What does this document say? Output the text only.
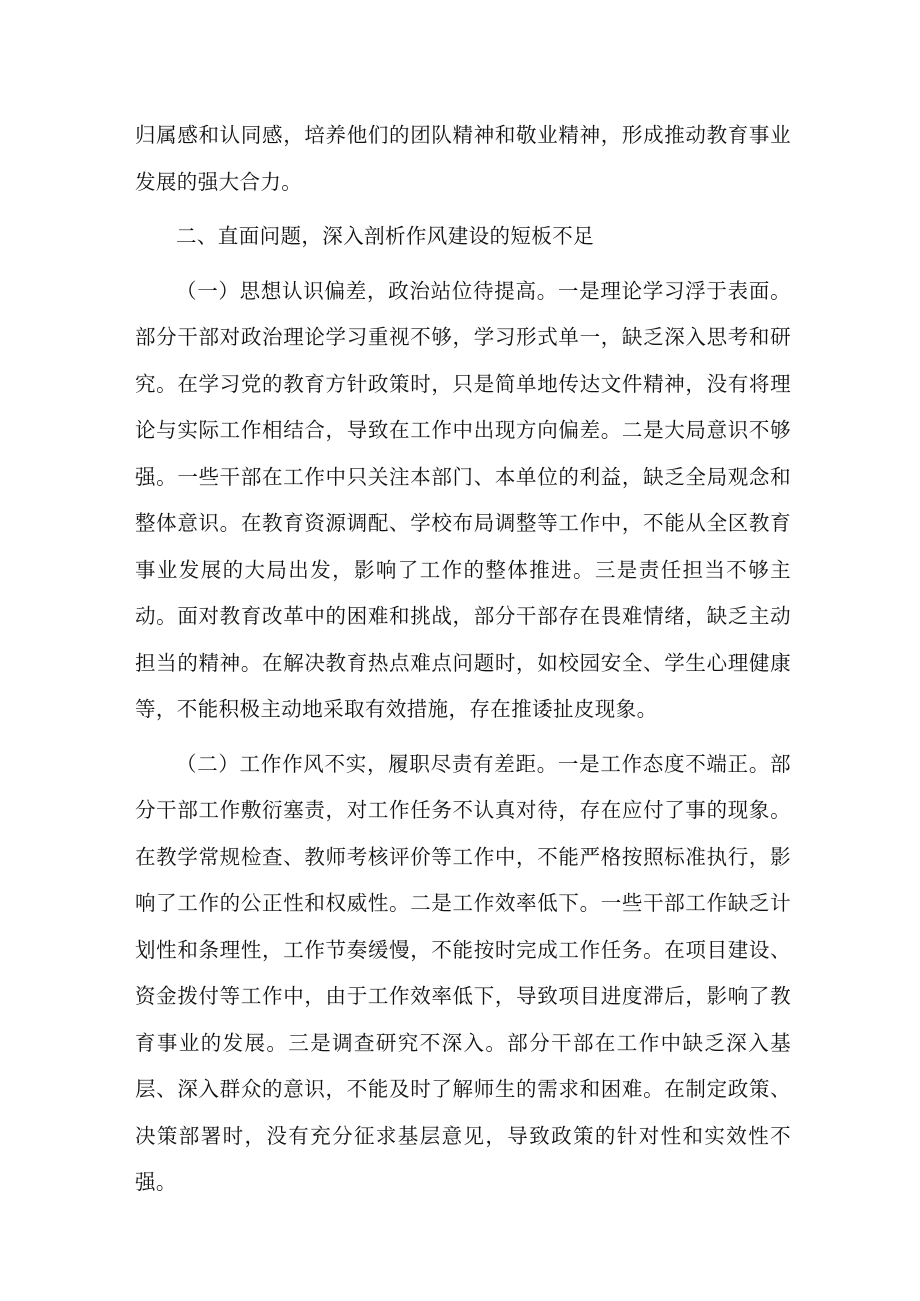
归属感和认同感，培养他们的团队精神和敬业精神，形成推动教育事业发展的强大合力。

二、直面问题，深入剖析作风建设的短板不足

（一）思想认识偏差，政治站位待提高。一是理论学习浮于表面。部分干部对政治理论学习重视不够，学习形式单一，缺乏深入思考和研究。在学习党的教育方针政策时，只是简单地传达文件精神，没有将理论与实际工作相结合，导致在工作中出现方向偏差。二是大局意识不够强。一些干部在工作中只关注本部门、本单位的利益，缺乏全局观念和整体意识。在教育资源调配、学校布局调整等工作中，不能从全区教育事业发展的大局出发，影响了工作的整体推进。三是责任担当不够主动。面对教育改革中的困难和挑战，部分干部存在畏难情绪，缺乏主动担当的精神。在解决教育热点难点问题时，如校园安全、学生心理健康等，不能积极主动地采取有效措施，存在推诿扯皮现象。

（二）工作作风不实，履职尽责有差距。一是工作态度不端正。部分干部工作敷衍塞责，对工作任务不认真对待，存在应付了事的现象。在教学常规检查、教师考核评价等工作中，不能严格按照标准执行，影响了工作的公正性和权威性。二是工作效率低下。一些干部工作缺乏计划性和条理性，工作节奏缓慢，不能按时完成工作任务。在项目建设、资金拨付等工作中，由于工作效率低下，导致项目进度滞后，影响了教育事业的发展。三是调查研究不深入。部分干部在工作中缺乏深入基层、深入群众的意识，不能及时了解师生的需求和困难。在制定政策、决策部署时，没有充分征求基层意见，导致政策的针对性和实效性不强。
